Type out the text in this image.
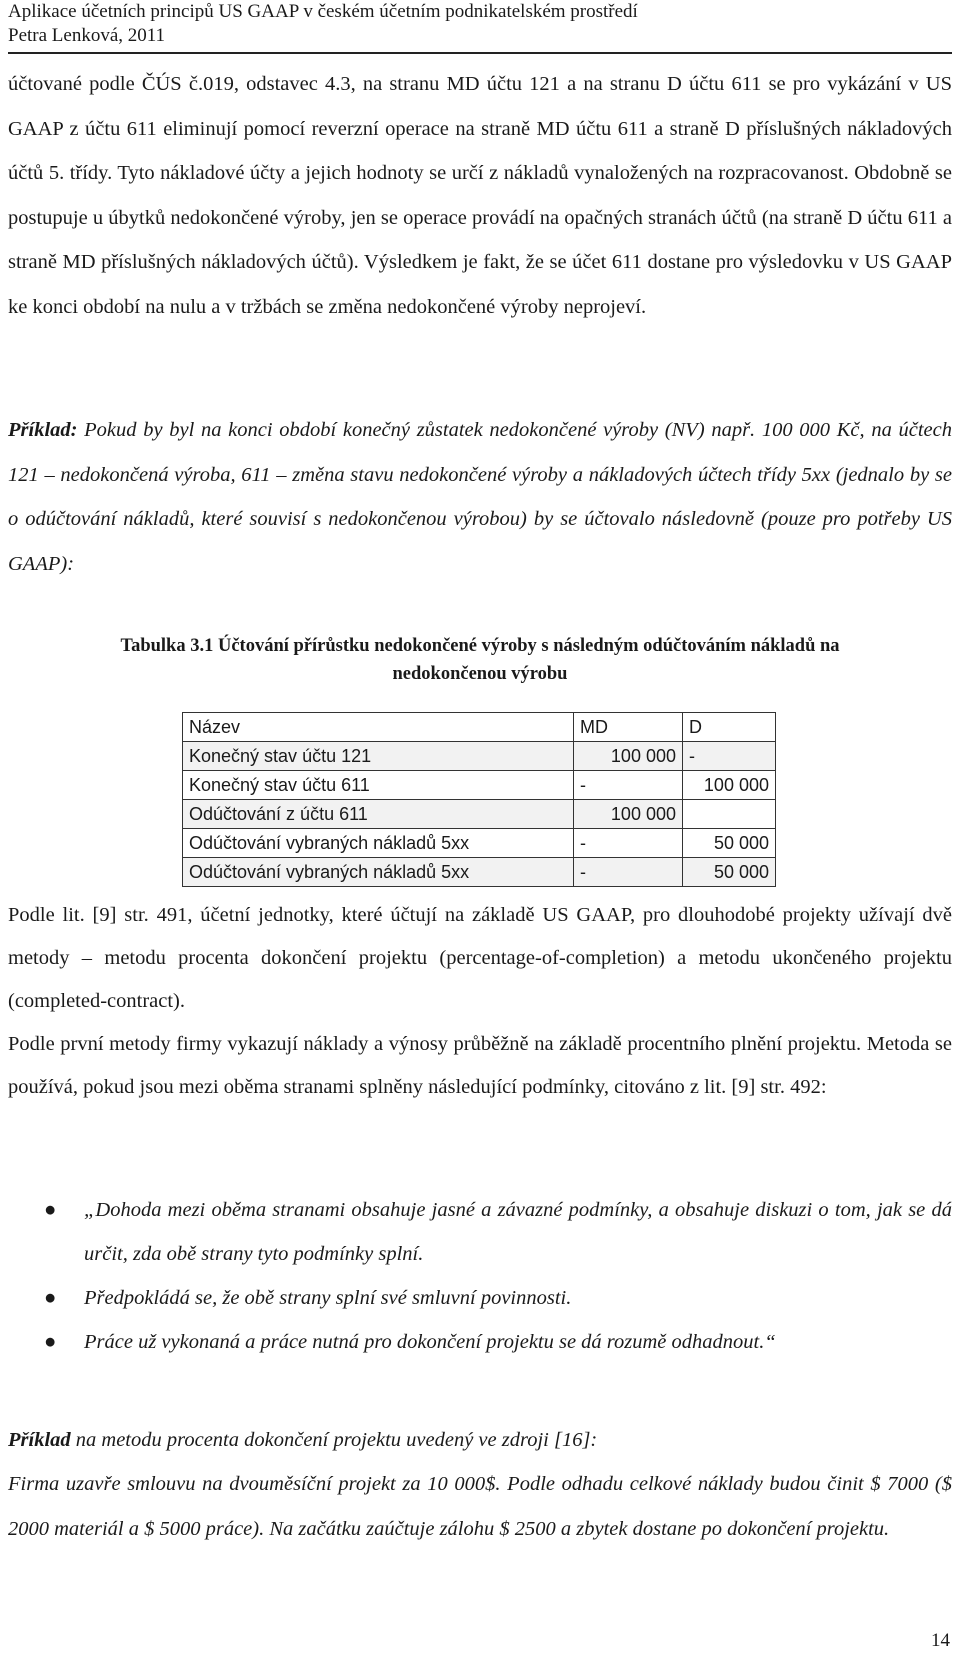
Aplikace účetních principů US GAAP v českém účetním podnikatelském prostředí
Petra Lenková, 2011

účtované podle ČÚS č.019, odstavec 4.3, na stranu MD účtu 121 a na stranu D účtu 611 se pro vykázání v US GAAP z účtu 611 eliminují pomocí reverzní operace na straně MD účtu 611 a straně D příslušných nákladových účtů 5. třídy. Tyto nákladové účty a jejich hodnoty se určí z nákladů vynaložených na rozpracovanost. Obdobně se postupuje u úbytků nedokončené výroby, jen se operace provádí na opačných stranách účtů (na straně D účtu 611 a straně MD příslušných nákladových účtů). Výsledkem je fakt, že se účet 611 dostane pro výsledovku v US GAAP ke konci období na nulu a v tržbách se změna nedokončené výroby neprojeví.

Příklad: Pokud by byl na konci období konečný zůstatek nedokončené výroby (NV) např. 100 000 Kč, na účtech 121 – nedokončená výroba, 611 – změna stavu nedokončené výroby a nákladových účtech třídy 5xx (jednalo by se o odúčtování nákladů, které souvisí s nedokončenou výrobou) by se účtovalo následovně (pouze pro potřeby US GAAP):

Tabulka 3.1 Účtování přírůstku nedokončené výroby s následným odúčtováním nákladů na
nedokončenou výrobu
Název	MD	D
Konečný stav účtu 121	100 000	-
Konečný stav účtu 611	-	100 000
Odúčtování z účtu 611	100 000	
Odúčtování vybraných nákladů 5xx	-	50 000
Odúčtování vybraných nákladů 5xx	-	50 000

Podle lit. [9] str. 491, účetní jednotky, které účtují na základě US GAAP, pro dlouhodobé projekty užívají dvě metody – metodu procenta dokončení projektu (percentage-of-completion) a metodu ukončeného projektu (completed-contract).

Podle první metody firmy vykazují náklady a výnosy průběžně na základě procentního plnění projektu. Metoda se používá, pokud jsou mezi oběma stranami splněny následující podmínky, citováno z lit. [9] str. 492:

● „Dohoda mezi oběma stranami obsahuje jasné a závazné podmínky, a obsahuje diskuzi o tom, jak se dá určit, zda obě strany tyto podmínky splní.
● Předpokládá se, že obě strany splní své smluvní povinnosti.
● Práce už vykonaná a práce nutná pro dokončení projektu se dá rozumě odhadnout.“

Příklad na metodu procenta dokončení projektu uvedený ve zdroji [16]:

Firma uzavře smlouvu na dvouměsíční projekt za 10 000$. Podle odhadu celkové náklady budou činit $ 7000 ($ 2000 materiál a $ 5000 práce). Na začátku zaúčtuje zálohu $ 2500 a zbytek dostane po dokončení projektu.

14
